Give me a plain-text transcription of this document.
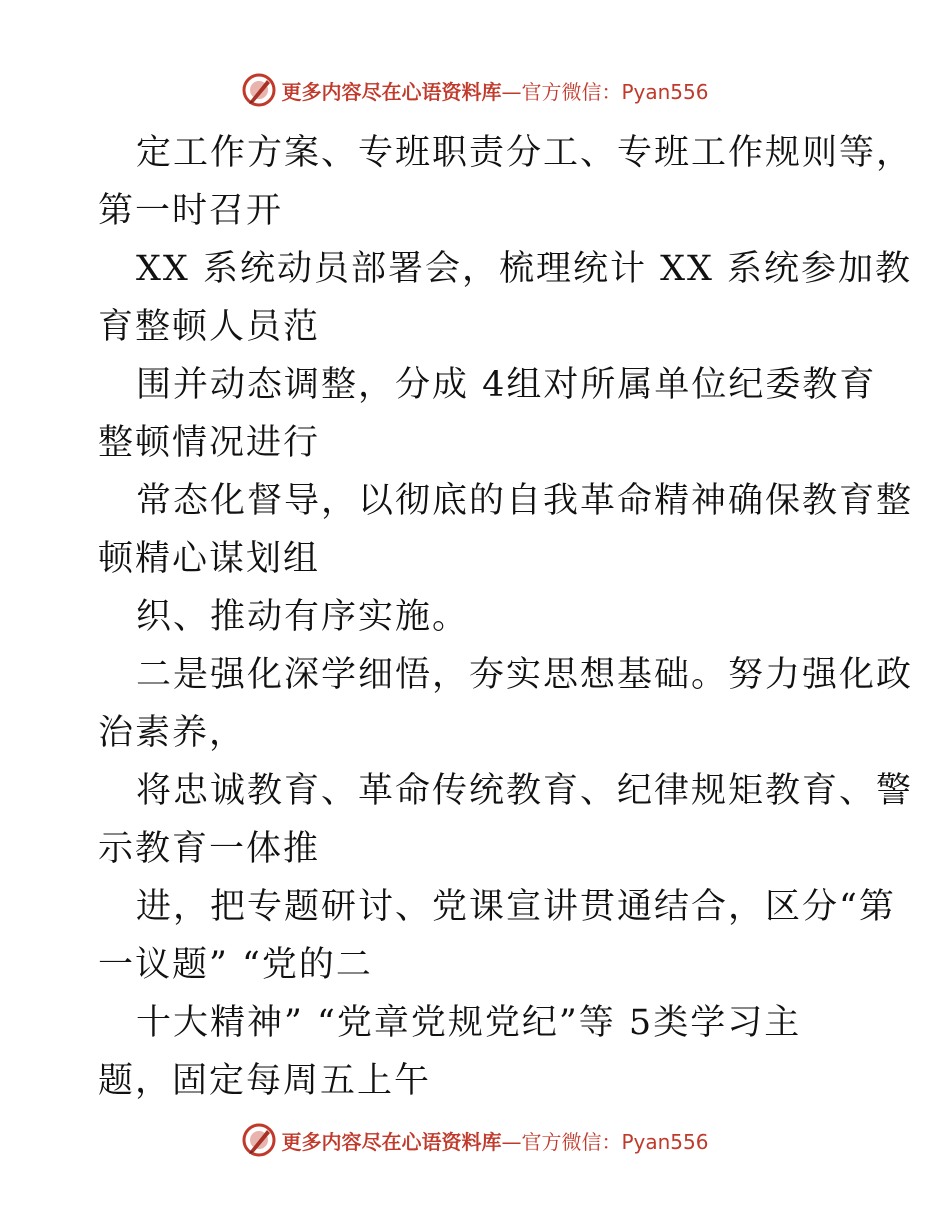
更多内容尽在心语资料库—官方微信：Pyan556
定工作方案、专班职责分工、专班工作规则等，
第一时召开
XX 系统动员部署会，梳理统计 XX 系统参加教
育整顿人员范
围并动态调整，分成 4组对所属单位纪委教育
整顿情况进行
常态化督导，以彻底的自我革命精神确保教育整
顿精心谋划组
织、推动有序实施。
二是强化深学细悟，夯实思想基础。努力强化政
治素养，
将忠诚教育、革命传统教育、纪律规矩教育、警
示教育一体推
进，把专题研讨、党课宣讲贯通结合，区分“第
一议题” “党的二
十大精神” “党章党规党纪”等 5类学习主
题，固定每周五上午
更多内容尽在心语资料库—官方微信：Pyan556
